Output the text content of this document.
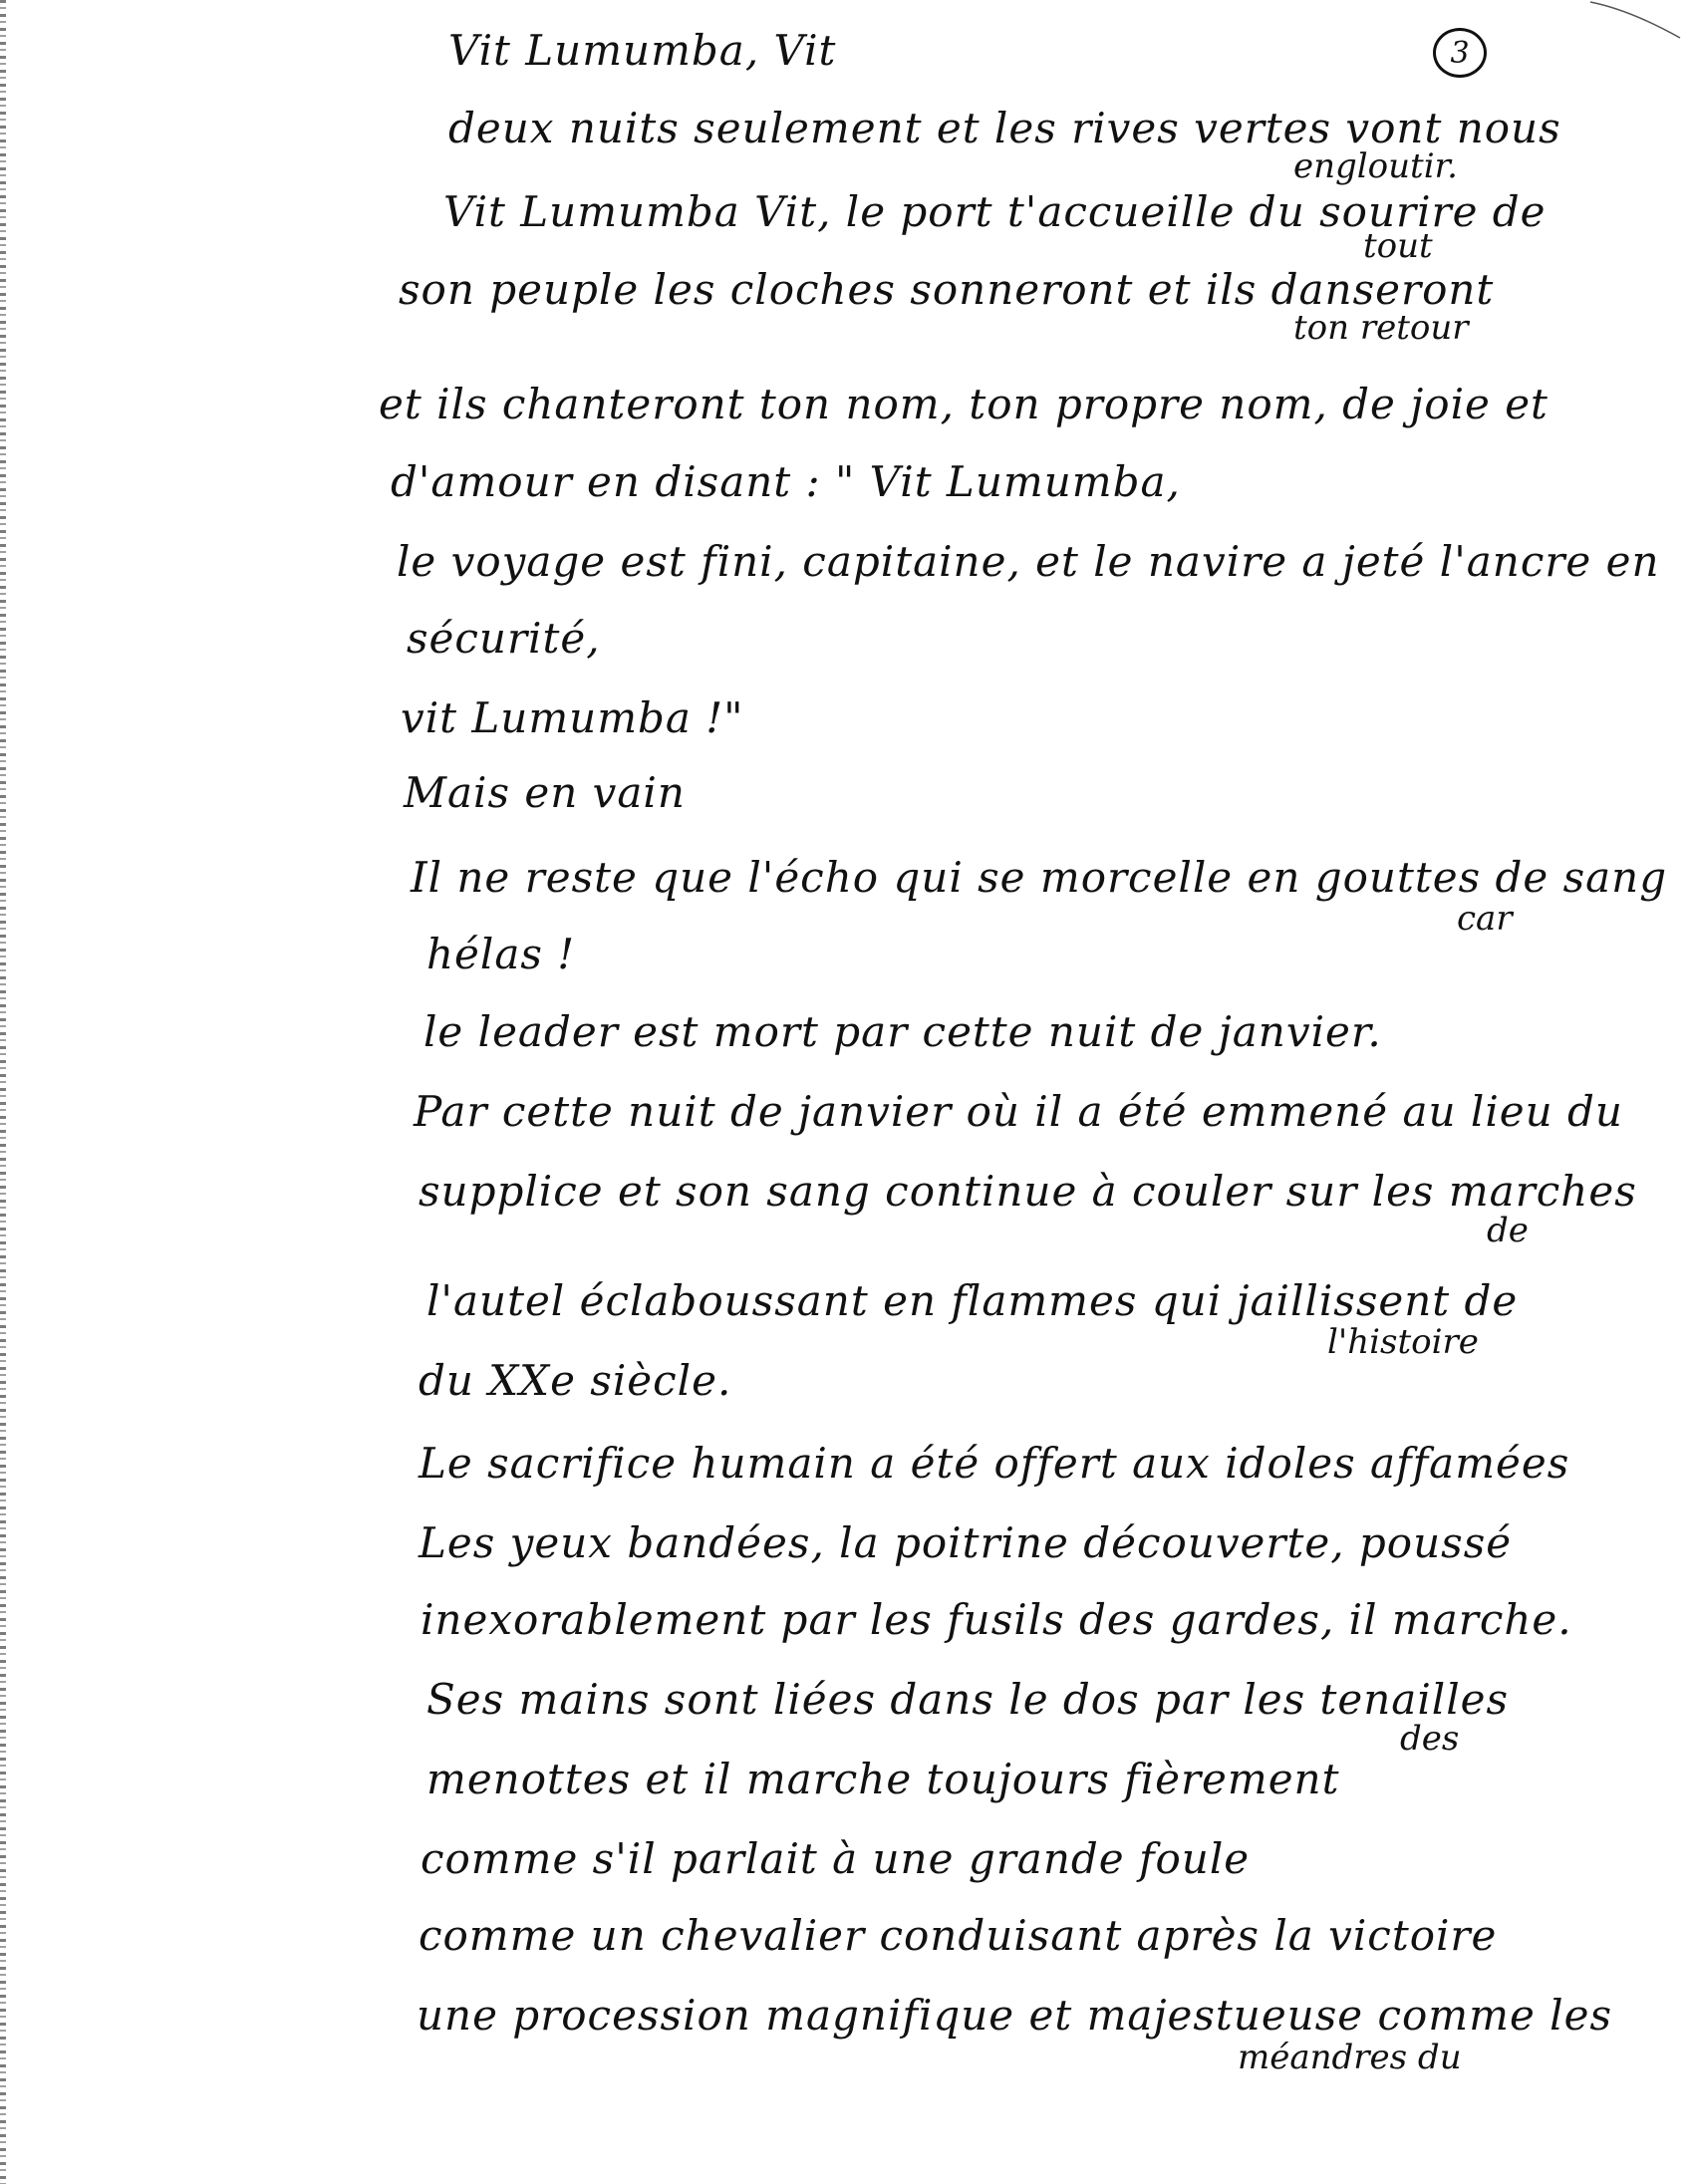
3
Vit Lumumba, Vit
deux nuits seulement et les rives vertes vont nous
engloutir.
Vit Lumumba Vit, le port t'accueille du sourire de
tout
son peuple les cloches sonneront et ils danseront
ton retour
et ils chanteront ton nom, ton propre nom, de joie et
d'amour en disant : " Vit Lumumba,
le voyage est fini, capitaine, et le navire a jeté l'ancre en
sécurité,
vit Lumumba !"
Mais en vain
Il ne reste que l'écho qui se morcelle en gouttes de sang
car
hélas !
le leader est mort par cette nuit de janvier.
Par cette nuit de janvier où il a été emmené au lieu du
supplice et son sang continue à couler sur les marches
de
l'autel éclaboussant en flammes qui jaillissent de
l'histoire
du XXe siècle.
Le sacrifice humain a été offert aux idoles affamées
Les yeux bandées, la poitrine découverte, poussé
inexorablement par les fusils des gardes, il marche.
Ses mains sont liées dans le dos par les tenailles
des
menottes et il marche toujours fièrement
comme s'il parlait à une grande foule
comme un chevalier conduisant après la victoire
une procession magnifique et majestueuse comme les
méandres du
